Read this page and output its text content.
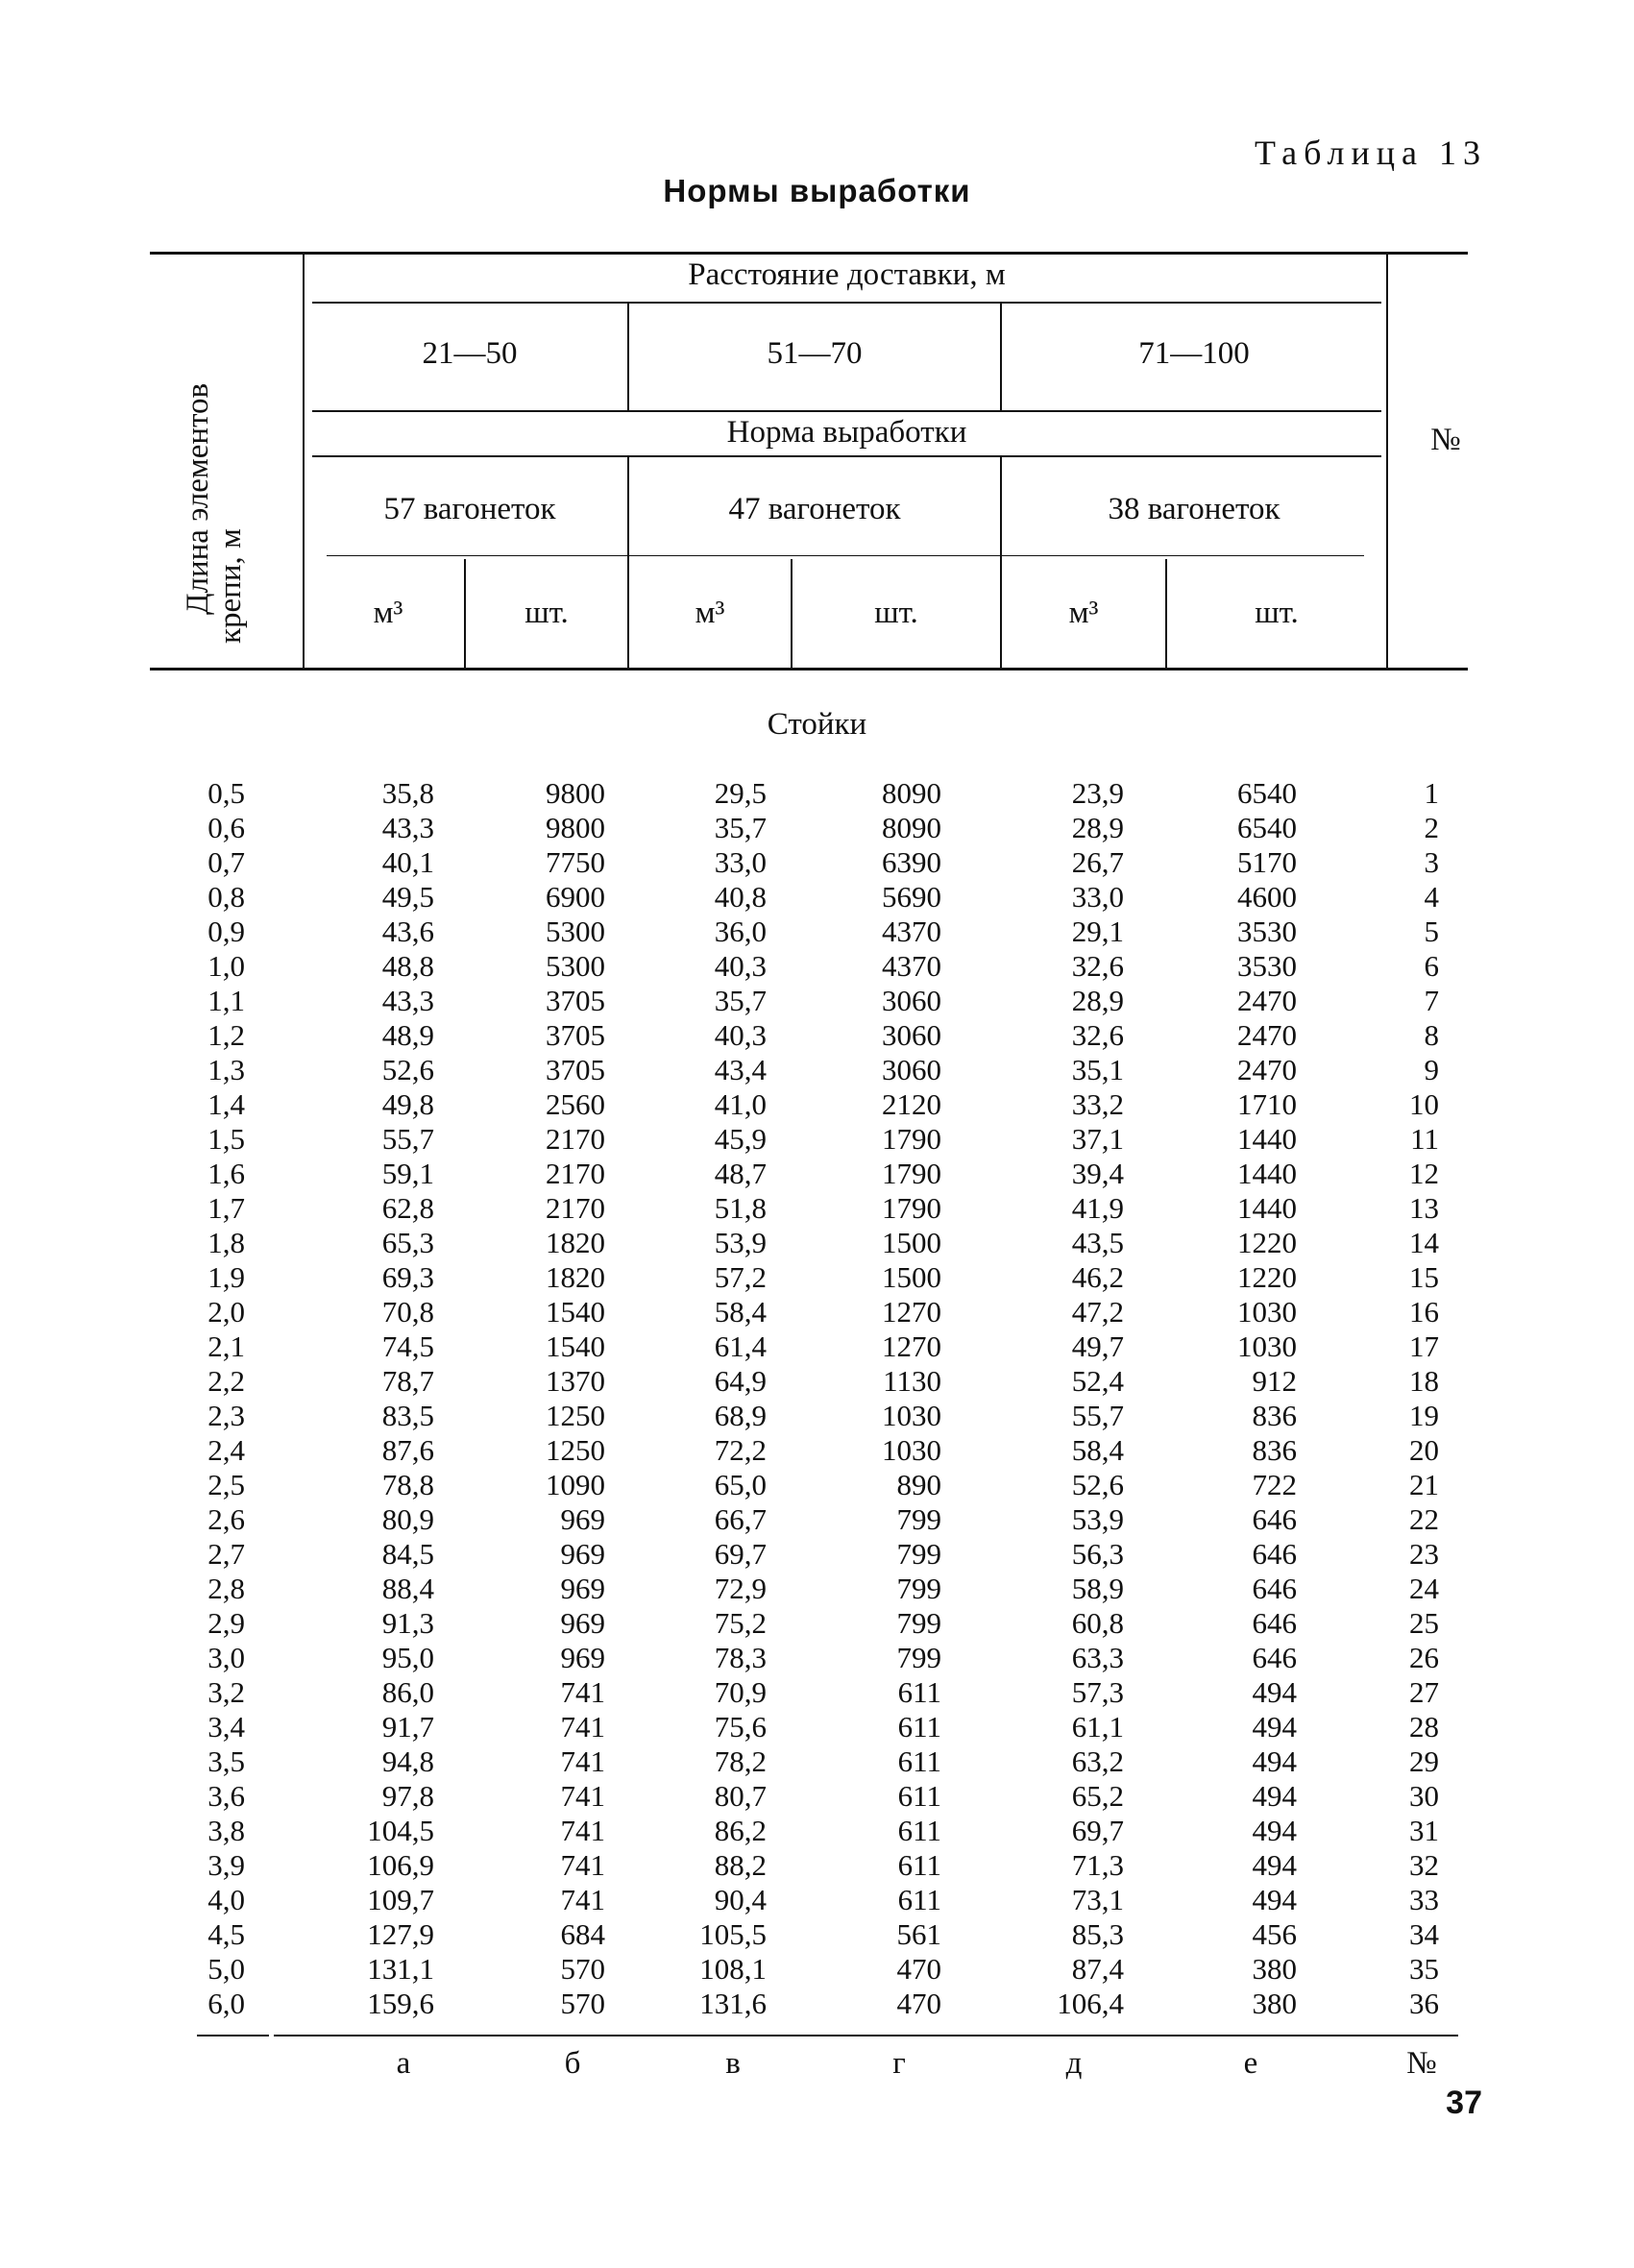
Таблица 13
Нормы выработки
Длина элементов
крепи, м
Расстояние доставки, м
21—50	51—70	71—100
Норма выработки
57 вагонеток	47 вагонеток	38 вагонеток
м³	шт.	м³	шт.	м³	шт.
№
Стойки
0,5	35,8	9800	29,5	8090	23,9	6540	1
0,6	43,3	9800	35,7	8090	28,9	6540	2
0,7	40,1	7750	33,0	6390	26,7	5170	3
0,8	49,5	6900	40,8	5690	33,0	4600	4
0,9	43,6	5300	36,0	4370	29,1	3530	5
1,0	48,8	5300	40,3	4370	32,6	3530	6
1,1	43,3	3705	35,7	3060	28,9	2470	7
1,2	48,9	3705	40,3	3060	32,6	2470	8
1,3	52,6	3705	43,4	3060	35,1	2470	9
1,4	49,8	2560	41,0	2120	33,2	1710	10
1,5	55,7	2170	45,9	1790	37,1	1440	11
1,6	59,1	2170	48,7	1790	39,4	1440	12
1,7	62,8	2170	51,8	1790	41,9	1440	13
1,8	65,3	1820	53,9	1500	43,5	1220	14
1,9	69,3	1820	57,2	1500	46,2	1220	15
2,0	70,8	1540	58,4	1270	47,2	1030	16
2,1	74,5	1540	61,4	1270	49,7	1030	17
2,2	78,7	1370	64,9	1130	52,4	912	18
2,3	83,5	1250	68,9	1030	55,7	836	19
2,4	87,6	1250	72,2	1030	58,4	836	20
2,5	78,8	1090	65,0	890	52,6	722	21
2,6	80,9	969	66,7	799	53,9	646	22
2,7	84,5	969	69,7	799	56,3	646	23
2,8	88,4	969	72,9	799	58,9	646	24
2,9	91,3	969	75,2	799	60,8	646	25
3,0	95,0	969	78,3	799	63,3	646	26
3,2	86,0	741	70,9	611	57,3	494	27
3,4	91,7	741	75,6	611	61,1	494	28
3,5	94,8	741	78,2	611	63,2	494	29
3,6	97,8	741	80,7	611	65,2	494	30
3,8	104,5	741	86,2	611	69,7	494	31
3,9	106,9	741	88,2	611	71,3	494	32
4,0	109,7	741	90,4	611	73,1	494	33
4,5	127,9	684	105,5	561	85,3	456	34
5,0	131,1	570	108,1	470	87,4	380	35
6,0	159,6	570	131,6	470	106,4	380	36
а	б	в	г	д	е	№
37
